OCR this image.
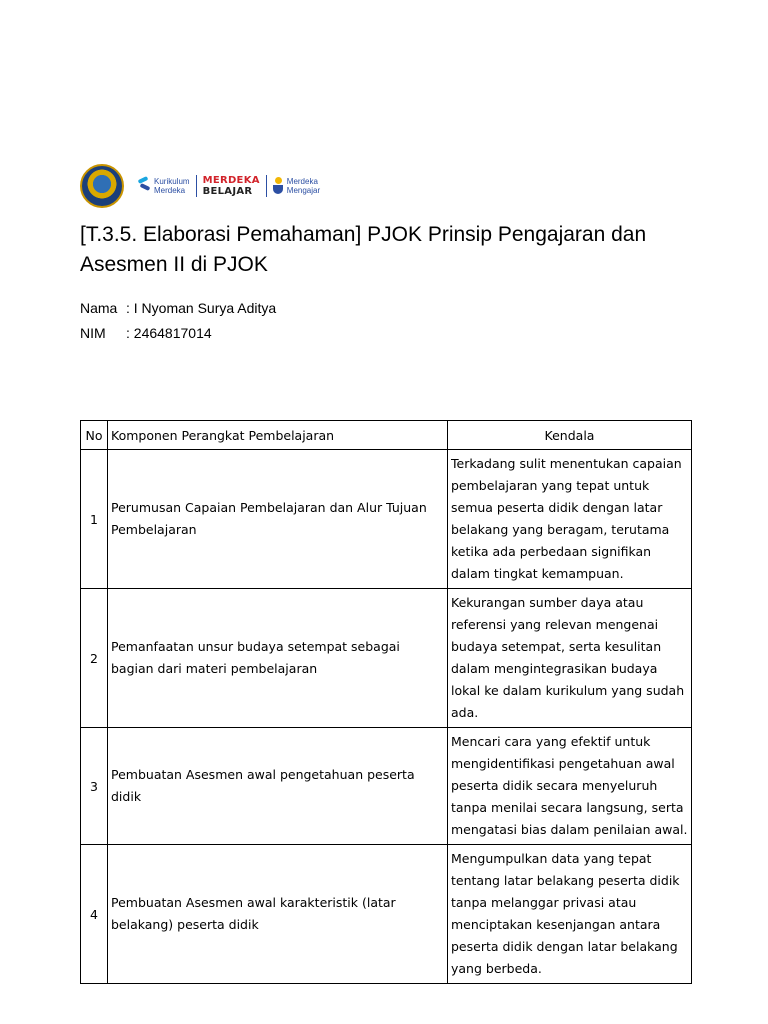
Kurikulum
Merdeka
MERDEKA
BELAJAR
Merdeka
Mengajar
[T.3.5. Elaborasi Pemahaman] PJOK Prinsip Pengajaran dan Asesmen II di PJOK
Nama : I Nyoman Surya Aditya
NIM	: 2464817014
No	Komponen Perangkat Pembelajaran	Kendala
1	Perumusan Capaian Pembelajaran dan Alur Tujuan Pembelajaran	Terkadang sulit menentukan capaian pembelajaran yang tepat untuk semua peserta didik dengan latar belakang yang beragam, terutama ketika ada perbedaan signifikan dalam tingkat kemampuan.
2	Pemanfaatan unsur budaya setempat sebagai bagian dari materi pembelajaran	Kekurangan sumber daya atau referensi yang relevan mengenai budaya setempat, serta kesulitan dalam mengintegrasikan budaya lokal ke dalam kurikulum yang sudah ada.
3	Pembuatan Asesmen awal pengetahuan peserta didik	Mencari cara yang efektif untuk mengidentifikasi pengetahuan awal peserta didik secara menyeluruh tanpa menilai secara langsung, serta mengatasi bias dalam penilaian awal.
4	Pembuatan Asesmen awal karakteristik (latar belakang) peserta didik	Mengumpulkan data yang tepat tentang latar belakang peserta didik tanpa melanggar privasi atau menciptakan kesenjangan antara peserta didik dengan latar belakang yang berbeda.
